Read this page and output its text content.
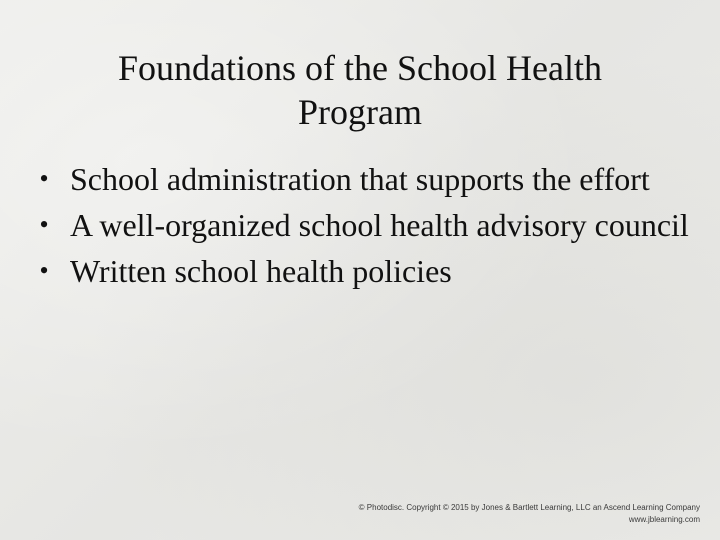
Foundations of the School Health
Program
• School administration that supports the effort
• A well-organized school health advisory council
• Written school health policies
© Photodisc. Copyright © 2015 by Jones & Bartlett Learning, LLC an Ascend Learning Company
www.jblearning.com
